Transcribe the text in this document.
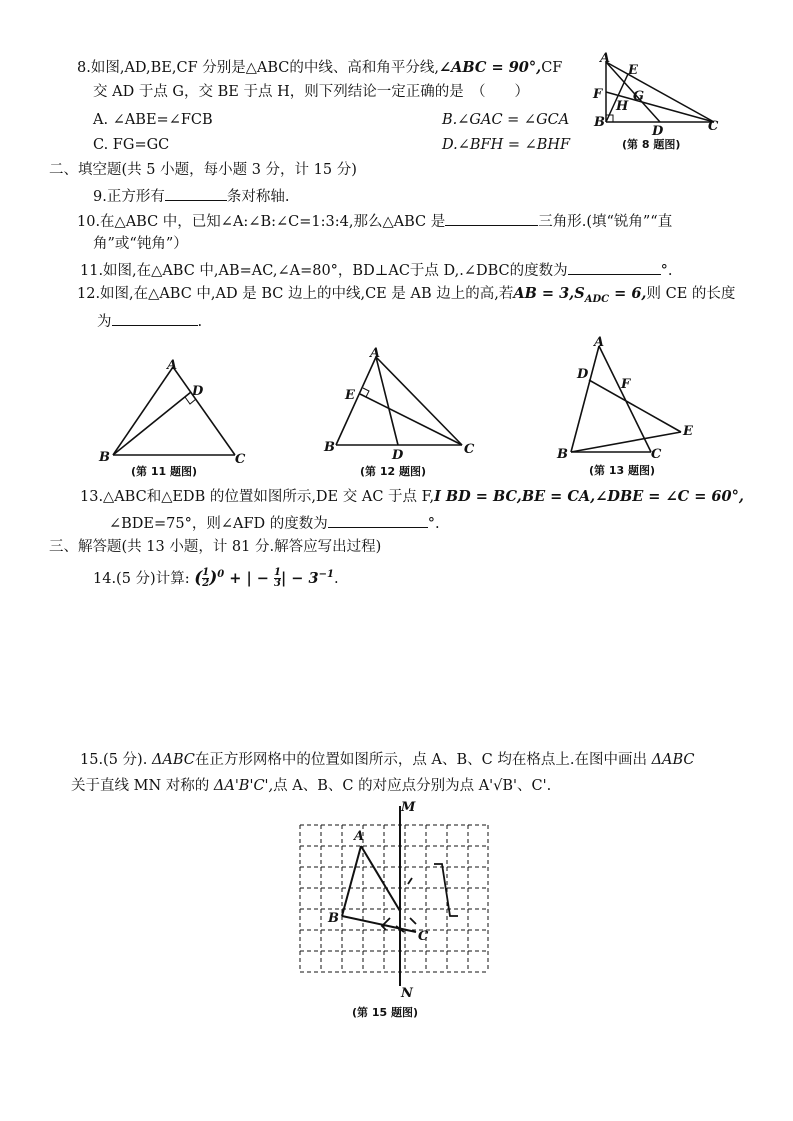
8.如图,AD,BE,CF 分别是△ABC的中线、高和角平分线,∠ABC = 90°,CF
交 AD 于点 G，交 BE 于点 H，则下列结论一定正确的是　（　　）
A. ∠ABE=∠FCB	B.∠GAC = ∠GCA
C. FG=GC	D.∠BFH = ∠BHF
A
E
F G
H
B
D	C
(第 8 题图)
二、填空题(共 5 小题，每小题 3 分，计 15 分)
9.正方形有	条对称轴.
10.在△ABC 中，已知∠A:∠B:∠C=1:3:4,那么△ABC 是	三角形.(填“锐角”“直
角”或“钝角”）
11.如图,在△ABC 中,AB=AC,∠A=80°，BD⊥AC于点 D,.∠DBC的度数为	°.
12.如图,在△ABC 中,AD 是 BC 边上的中线,CE 是 AB 边上的高,若AB = $3,S_{ADC} = 6$,则 CE 的长度
为	.
A
D
B	C
(第 11 题图)
A
E
B
D	C
(第 12 题图)
A
D
F
E
B	C
(第 13 题图)
13.△ABC和△EDB 的位置如图所示,DE 交 AC 于点 F,I BD = BC,BE = CA,∠DBE = ∠C = 60°,
∠BDE=75°，则∠AFD 的度数为	°.
三、解答题(共 13 小题，计 81 分.解答应写出过程)
14.(5 分)计算: ( $\frac{1}{2} )^0$ + | − $\frac{1}{3}$ | − $3^{-1}$.
15.(5 分). ΔABC在正方形网格中的位置如图所示，点 A、B、C 均在格点上.在图中画出 ΔABC
关于直线 MN 对称的 ΔA'B'C',点 A、B、C 的对应点分别为点 A'√B'、C'.
M
N
A
B
C
(第 15 题图)
